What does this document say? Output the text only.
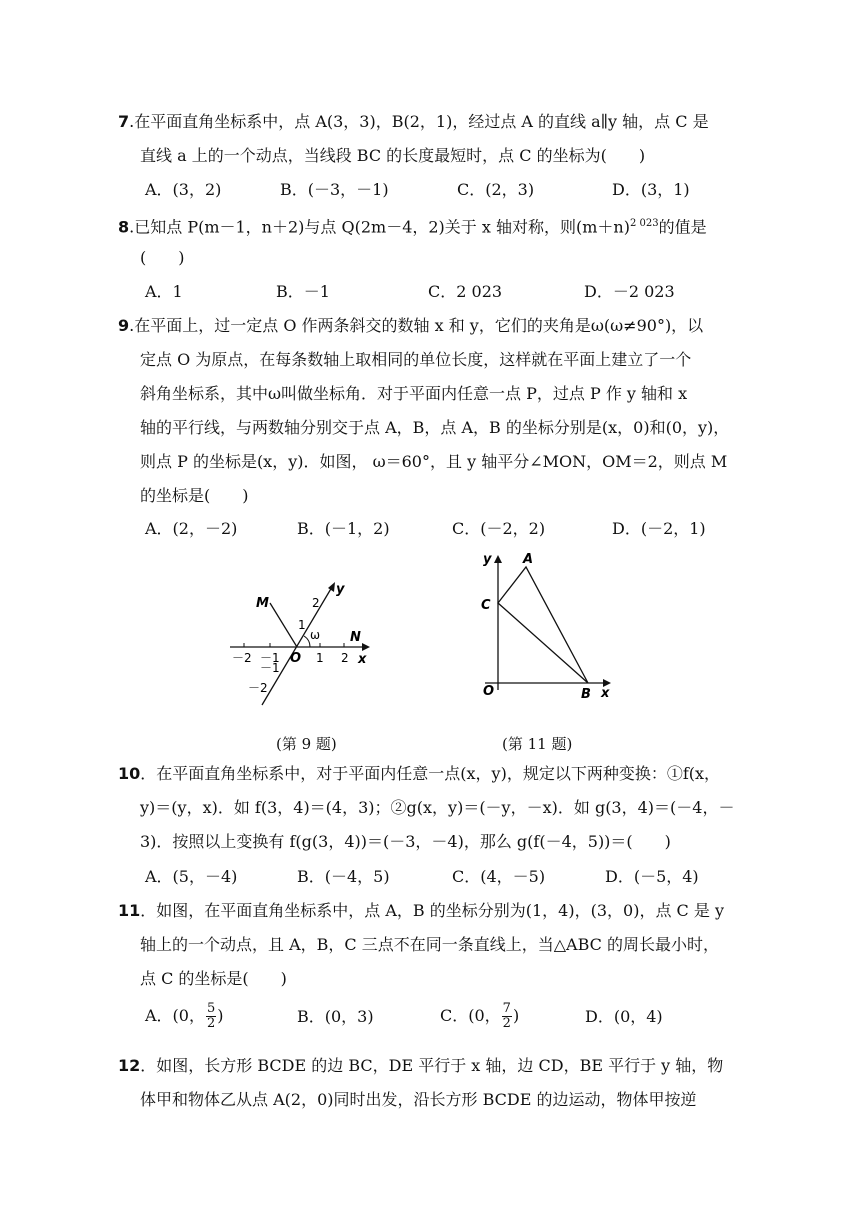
7.在平面直角坐标系中，点 A(3，3)，B(2，1)，经过点 A 的直线 a∥y 轴，点 C 是
直线 a 上的一个动点，当线段 BC 的长度最短时，点 C 的坐标为(　　)
A．(3，2)	B．(－3，－1)	C．(2，3)	D．(3，1)
8.已知点 P(m－1，n＋2)与点 Q(2m－4，2)关于 x 轴对称，则$(m+n)^{2 023}$的值是
(　　)
A．1	B．－1	C．2 023	D．－2 023
9.在平面上，过一定点 O 作两条斜交的数轴 x 和 y，它们的夹角是ω(ω≠90°)，以
定点 O 为原点，在每条数轴上取相同的单位长度，这样就在平面上建立了一个
斜角坐标系，其中ω叫做坐标角．对于平面内任意一点 P，过点 P 作 y 轴和 x
轴的平行线，与两数轴分别交于点 A，B，点 A，B 的坐标分别是(x，0)和(0，y)，
则点 P 的坐标是(x，y)．如图， ω＝60°，且 y 轴平分∠MON，OM＝2，则点 M
的坐标是(　　)
A．(2，－2)	B．(－1，2)	C．(－2，2)	D．(－2，1)
M
y
2
1
ω N
－2 －1 O 1 2 x
－1
－2
(第 9 题)
y A
C
O	B x
(第 11 题)
10．在平面直角坐标系中，对于平面内任意一点(x，y)，规定以下两种变换：①f(x，
y)＝(y，x)．如 f(3，4)＝(4，3)；②g(x，y)＝(－y，－x)．如 g(3，4)＝(－4，－
3)．按照以上变换有 f(g(3，4))＝(－3，－4)，那么 g(f(－4，5))＝(　　)
A．(5，－4)	B．(－4，5)	C．(4，－5)	D．(－5，4)
11．如图，在平面直角坐标系中，点 A，B 的坐标分别为(1，4)，(3，0)，点 C 是 y
轴上的一个动点，且 A，B，C 三点不在同一条直线上，当△ABC 的周长最小时，
点 C 的坐标是(　　)
A．(0， $\frac{5}{2}$ )	B．(0，3)	C．(0， $\frac{7}{2}$ )	D．(0，4)
12．如图，长方形 BCDE 的边 BC，DE 平行于 x 轴，边 CD，BE 平行于 y 轴，物
体甲和物体乙从点 A(2，0)同时出发，沿长方形 BCDE 的边运动，物体甲按逆
